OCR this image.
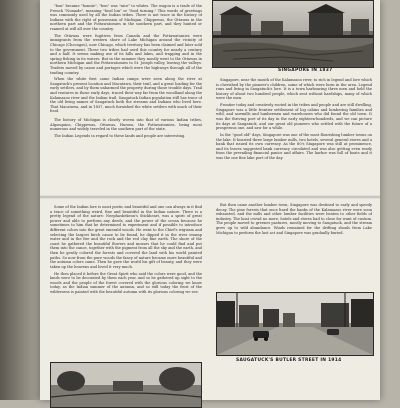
"bon" became "bonnie", "bon" was "nice" to whites. The wagon is a trade of the French "Nomade", meaning "food bin" or "food turning." This words of greetings was commonly used by all the Indian tribes. There is not trace in the history of Indians with the right of possession of Michigan. Chippewas, the Ottawas in the northern part and the Pottawatomies in the southern part, and they hunted or roamed at will all over the country.

The Ottawas were fugitives from Canada and the Pottawatomies were immigrants from the western shore of Lake Michigan around the vicinity of Chicago (Checagou), now Chicago, which territory has been claimed and later sold to the government. These two tribes had used this country for nearly a century and a half. It seems making use of its hills and lakes, and trapping and in the spring fishing in its waters. But in the summer they mostly went to the Ottawas in northern Michigan and the Pottawatomies to St. Joseph valley, leaving the valleys. Traders moved by canoe and portages which were the highways through all of the trading country.

When the white first came Indian camps were seen along the river at Saugatuck's present location and Macatawa, their trail, and a great loading for the early settlers, and by them unharmed the property during those trouble days. Trail and ventures in those early days, traced their way far from the woodland along the Kalamazoo river and the Indian trail. Saugatuck Indian population still has trace of the old living names of Saugatuck both the streams and Indians who lived here. That Macatawa, and in 1837, much furnished the white settlers with much of their food.

The history of Michigan is closely woven into that of various Indian tribes, Algonquins, Chippewas, Ottawas, Hurons, the Pottawatomies, being most numerous and widely traveled in the southern part of the state.

The Indian Legends in regard to these lands and people are interesting.

SINGAPORE IN 1837

Singapore, near the mouth of the Kalamazoo river, to rich in legend and lore which is cherished by the pioneer's children, some of which were born in the area. Legend runs and living in Saugatuck's lore. It is a town harbouring three men and held the history of about two hundred people, which sent without hardships, many of which were the men.

Frontier today and creatively rooted in the tribes and people and are still dwelling. Singapore was a little frontier settlement of log cabins and lumbering families and wild, and sawmills and lumbermen and warehouses who did found the old town. It was the thriving port of its day in the early eighteen-hundreds, and we can picture its days at Saugatuck, and our great old pioneers who settled with the future of a prosperous one, and saw for a while.

In the "good old" days, Singapore was one of the most flourishing lumber towns on the lake. It boasted three large lumber mills, two hotels, several general stores and a bank that issued its own currency. As the 60's Singapore was still at prominence, and its leaves suggested bank currency circulated and was also getting even ready from the prevailing financial panics and affairs. The harbor was full of boats and it was the one fine lake port of the day.

Some of the Indian lore is most poetic and beautiful and one can always in it find a trace of something weird, fine and beautiful in the Indian nature. There is a pretty legend of the nature: Neephasbekeon's Stickheart, was a spirit of great power and able to perform any deeds, and the power of the ocean because he sometimes to him that he determined to experiment and if possible to introduce different colors into the great emerald woods. He went to the Chief's wigwam and selecting the largest birch canoe to be found, he dipped it in the river swamp water and in the fire and the rock and the red clay fine earth. The shore of the coast he gathered the beautiful flowers and mosses that he could find and put them into the canoe, together with the pigment from all the sky and the earth, and then he gently colored the forests and covered the land with his world painted paths. So now from the pure woods the fancy of nature became more beautiful and the autumn colors came. Then he gave the world his gift of beauty, and they were taken up the heavens and loved it very much.

He then placed it before the Great Spirit who said the colors were good, and the lands were to be decorated by them each year, and so he gathered up sight to the woods and the people of the forest covered with the glorious coloring we know today, as the Indian summer of the autumn, and so still today the frost of the wilderness is painted with the beautiful autumn with its glorious coloring we see.

But then came another lumber town, Singapore was destined to early and speedy decay. The pine forests that once lined the banks of the Kalamazoo river were soon exhausted, and the mills and other lumber facilities were beaten to other fields of industry. The boat crowd no more; hotels and stores had to close for want of custom. The people moved to greener pastures, mostly moving to Saugatuck, and the stream grew up to wild abundance. Winds remained for the drifting shoals from Lake Michigan to perform the last act and Singapore was gradually buried.

SAUGATUCK'S BUTLER STREET IN 1914
